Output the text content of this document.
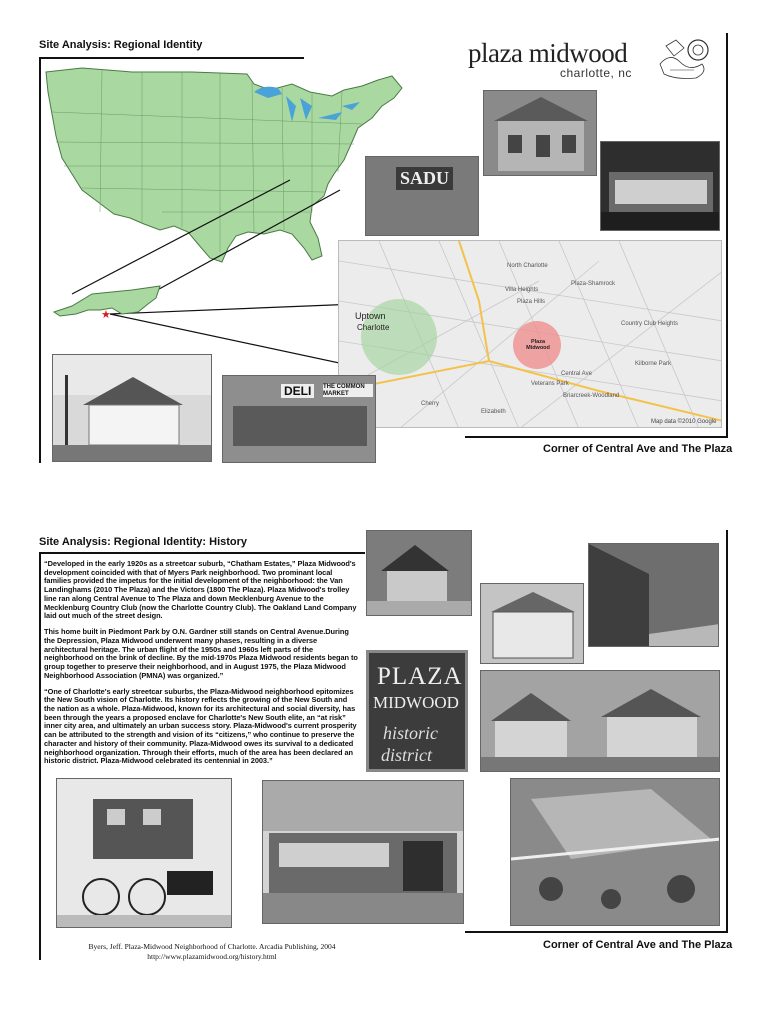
Site Analysis: Regional Identity	plaza midwood
charlotte, nc
★	Uptown
Charlotte
North Charlotte
Villa Heights
Plaza Hills
Plaza-Shamrock
Country Club Heights
Central Ave
Briarcreek-Woodland
Elizabeth
Cherry
Kilborne Park
Veterans Park
Plaza Midwood
Map data ©2010 Google
SADU
DELI	THE COMMON MARKET
Corner of Central Ave and The Plaza
Site Analysis: Regional Identity: History

“Developed in the early 1920s as a streetcar suburb, “Chatham Estates,” Plaza Midwood's development coincided with that of Myers Park neighborhood. Two prominant local families provided the impetus for the initial development of the neighborhood: the Van Landinghams (2010 The Plaza) and the Victors (1800 The Plaza). Plaza Midwood's trolley line ran along Central Avenue to The Plaza and down Mecklenburg Avenue to the Mecklenburg Country Club (now the Charlotte Country Club). The Oakland Land Company laid out much of the street design.

This home built in Piedmont Park by O.N. Gardner still stands on Central Avenue.During the Depression, Plaza Midwood underwent many phases, resulting in a diverse architectural heritage. The urban flight of the 1950s and 1960s left parts of the neighborhood on the brink of decline. By the mid-1970s Plaza Midwood residents began to group together to preserve their neighborhood, and in August 1975, the Plaza Midwood Neighborhood Association (PMNA) was organized.”

“One of Charlotte's early streetcar suburbs, the Plaza-Midwood neighborhood epitomizes the New South vision of Charlotte. Its history reflects the growing of the New South and the nation as a whole. Plaza-Midwood, known for its architectural and social diversity, has been through the years a proposed enclave for Charlotte's New South elite, an “at risk” inner city area, and ultimately an urban success story. Plaza-Midwood's current prosperity can be attributed to the strength and vision of its “citizens,” who continue to preserve the character and history of their community. Plaza-Midwood owes its survival to a dedicated neighborhood organization. Through their efforts, much of the area has been declared an historic district. Plaza-Midwood celebrated its centennial in 2003.”

PLAZA
MIDWOOD
historic
district
Byers, Jeff. Plaza-Midwood Neighborhood of Charlotte. Arcadia Publishing, 2004
http://www.plazamidwood.org/history.html
Corner of Central Ave and The Plaza
